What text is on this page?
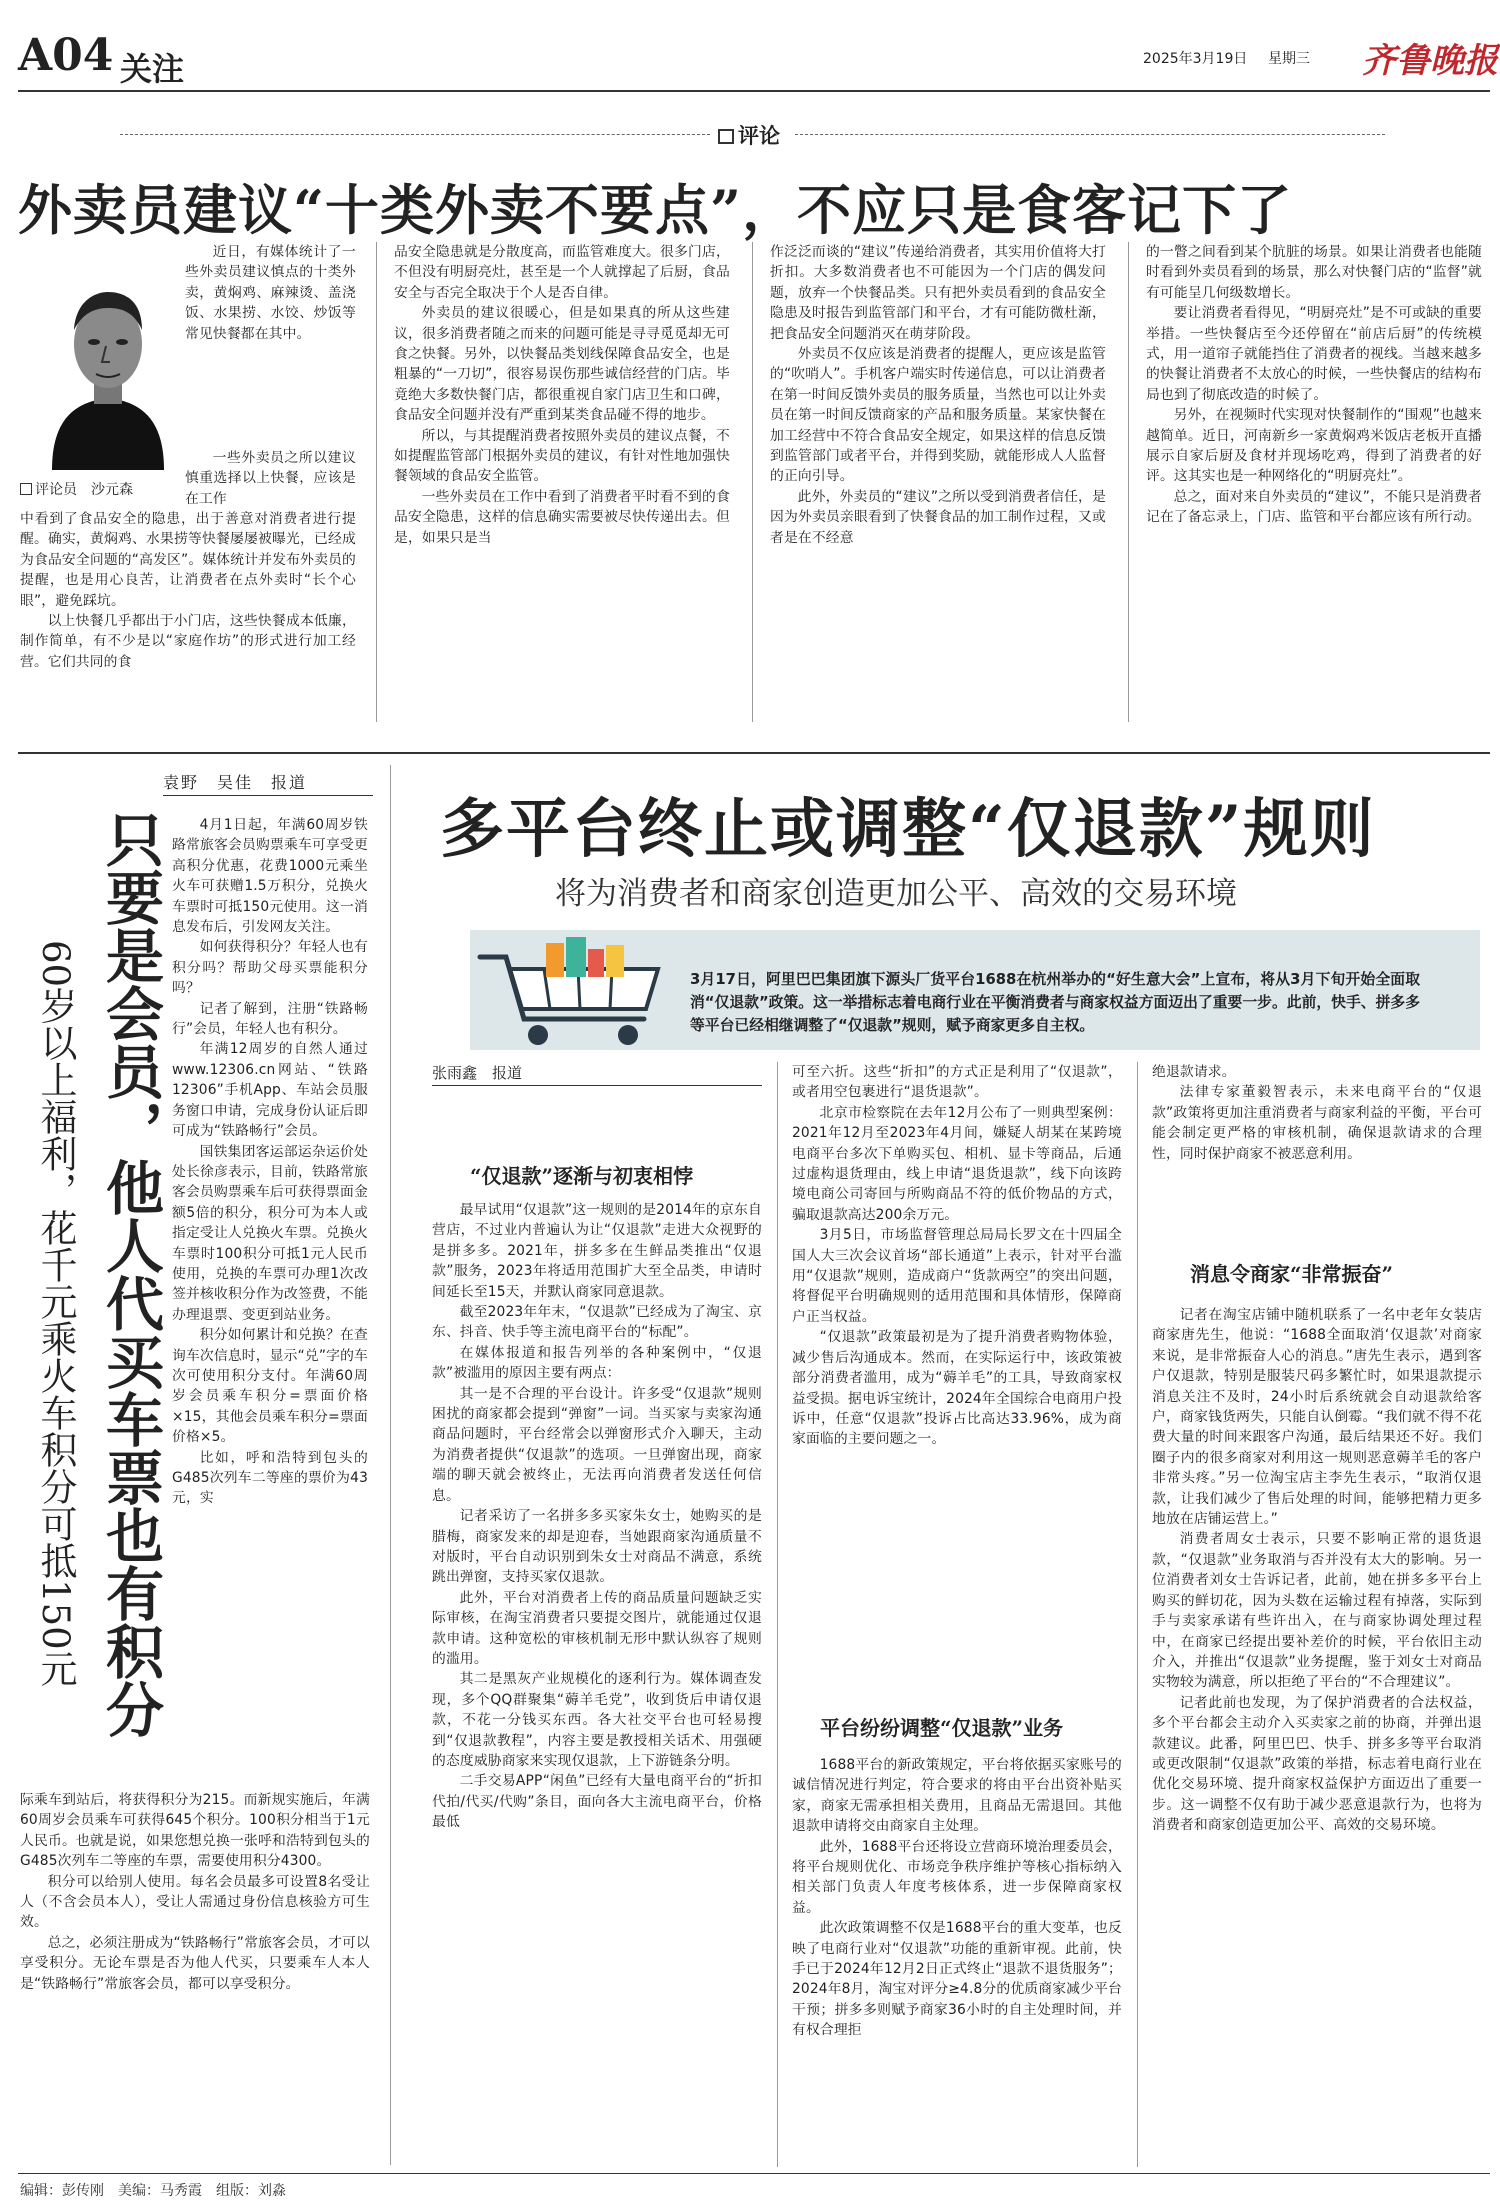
A04 关注	2025年3月19日 星期三 齐鲁晚报
评论
外卖员建议“十类外卖不要点”，不应只是食客记下了
评论员　沙元森

近日，有媒体统计了一些外卖员建议慎点的十类外卖，黄焖鸡、麻辣烫、盖浇饭、水果捞、水饺、炒饭等常见快餐都在其中。

一些外卖员之所以建议慎重选择以上快餐，应该是在工作

中看到了食品安全的隐患，出于善意对消费者进行提醒。确实，黄焖鸡、水果捞等快餐屡屡被曝光，已经成为食品安全问题的“高发区”。媒体统计并发布外卖员的提醒，也是用心良苦，让消费者在点外卖时“长个心眼”，避免踩坑。

以上快餐几乎都出于小门店，这些快餐成本低廉，制作简单，有不少是以“家庭作坊”的形式进行加工经营。它们共同的食

品安全隐患就是分散度高，而监管难度大。很多门店，不但没有明厨亮灶，甚至是一个人就撑起了后厨，食品安全与否完全取决于个人是否自律。

外卖员的建议很暖心，但是如果真的所从这些建议，很多消费者随之而来的问题可能是寻寻觅觅却无可食之快餐。另外，以快餐品类划线保障食品安全，也是粗暴的“一刀切”，很容易误伤那些诚信经营的门店。毕竟绝大多数快餐门店，都很重视自家门店卫生和口碑，食品安全问题并没有严重到某类食品碰不得的地步。

所以，与其提醒消费者按照外卖员的建议点餐，不如提醒监管部门根据外卖员的建议，有针对性地加强快餐领域的食品安全监管。

一些外卖员在工作中看到了消费者平时看不到的食品安全隐患，这样的信息确实需要被尽快传递出去。但是，如果只是当

作泛泛而谈的“建议”传递给消费者，其实用价值将大打折扣。大多数消费者也不可能因为一个门店的偶发问题，放弃一个快餐品类。只有把外卖员看到的食品安全隐患及时报告到监管部门和平台，才有可能防微杜渐，把食品安全问题消灭在萌芽阶段。

外卖员不仅应该是消费者的提醒人，更应该是监管的“吹哨人”。手机客户端实时传递信息，可以让消费者在第一时间反馈外卖员的服务质量，当然也可以让外卖员在第一时间反馈商家的产品和服务质量。某家快餐在加工经营中不符合食品安全规定，如果这样的信息反馈到监管部门或者平台，并得到奖励，就能形成人人监督的正向引导。

此外，外卖员的“建议”之所以受到消费者信任，是因为外卖员亲眼看到了快餐食品的加工制作过程，又或者是在不经意

的一瞥之间看到某个肮脏的场景。如果让消费者也能随时看到外卖员看到的场景，那么对快餐门店的“监督”就有可能呈几何级数增长。

要让消费者看得见，“明厨亮灶”是不可或缺的重要举措。一些快餐店至今还停留在“前店后厨”的传统模式，用一道帘子就能挡住了消费者的视线。当越来越多的快餐让消费者不太放心的时候，一些快餐店的结构布局也到了彻底改造的时候了。

另外，在视频时代实现对快餐制作的“围观”也越来越简单。近日，河南新乡一家黄焖鸡米饭店老板开直播展示自家后厨及食材并现场吃鸡，得到了消费者的好评。这其实也是一种网络化的“明厨亮灶”。

总之，面对来自外卖员的“建议”，不能只是消费者记在了备忘录上，门店、监管和平台都应该有所行动。

袁野　吴佳　报道
只要是会员，他人代买车票也有积分
60岁以上福利，花千元乘火车积分可抵150元

4月1日起，年满60周岁铁路常旅客会员购票乘车可享受更高积分优惠，花费1000元乘坐火车可获赠1.5万积分，兑换火车票时可抵150元使用。这一消息发布后，引发网友关注。

如何获得积分？年轻人也有积分吗？帮助父母买票能积分吗？

记者了解到，注册“铁路畅行”会员，年轻人也有积分。

年满12周岁的自然人通过www.12306.cn网站、“铁路12306”手机App、车站会员服务窗口申请，完成身份认证后即可成为“铁路畅行”会员。

国铁集团客运部运杂运价处处长徐彦表示，目前，铁路常旅客会员购票乘车后可获得票面金额5倍的积分，积分可为本人或指定受让人兑换火车票。兑换火车票时100积分可抵1元人民币使用，兑换的车票可办理1次改签并核收积分作为改签费，不能办理退票、变更到站业务。

积分如何累计和兑换？在查询车次信息时，显示“兑”字的车次可使用积分支付。年满60周岁会员乘车积分=票面价格×15，其他会员乘车积分=票面价格×5。

比如，呼和浩特到包头的G485次列车二等座的票价为43元，实

际乘车到站后，将获得积分为215。而新规实施后，年满60周岁会员乘车可获得645个积分。100积分相当于1元人民币。也就是说，如果您想兑换一张呼和浩特到包头的G485次列车二等座的车票，需要使用积分4300。

积分可以给别人使用。每名会员最多可设置8名受让人（不含会员本人），受让人需通过身份信息核验方可生效。

总之，必须注册成为“铁路畅行”常旅客会员，才可以享受积分。无论车票是否为他人代买，只要乘车人本人是“铁路畅行”常旅客会员，都可以享受积分。

多平台终止或调整“仅退款”规则
将为消费者和商家创造更加公平、高效的交易环境
3月17日，阿里巴巴集团旗下源头厂货平台1688在杭州举办的“好生意大会”上宣布，将从3月下旬开始全面取消“仅退款”政策。这一举措标志着电商行业在平衡消费者与商家权益方面迈出了重要一步。此前，快手、拼多多等平台已经相继调整了“仅退款”规则，赋予商家更多自主权。
张雨鑫　报道
“仅退款”逐渐与初衷相悖

最早试用“仅退款”这一规则的是2014年的京东自营店，不过业内普遍认为让“仅退款”走进大众视野的是拼多多。2021年，拼多多在生鲜品类推出“仅退款”服务，2023年将适用范围扩大至全品类，申请时间延长至15天，并默认商家同意退款。

截至2023年年末，“仅退款”已经成为了淘宝、京东、抖音、快手等主流电商平台的“标配”。

在媒体报道和报告列举的各种案例中，“仅退款”被滥用的原因主要有两点：

其一是不合理的平台设计。许多受“仅退款”规则困扰的商家都会提到“弹窗”一词。当买家与卖家沟通商品问题时，平台经常会以弹窗形式介入聊天，主动为消费者提供“仅退款”的选项。一旦弹窗出现，商家端的聊天就会被终止，无法再向消费者发送任何信息。

记者采访了一名拼多多买家朱女士，她购买的是腊梅，商家发来的却是迎春，当她跟商家沟通质量不对版时，平台自动识别到朱女士对商品不满意，系统跳出弹窗，支持买家仅退款。

此外，平台对消费者上传的商品质量问题缺乏实际审核，在淘宝消费者只要提交图片，就能通过仅退款申请。这种宽松的审核机制无形中默认纵容了规则的滥用。

其二是黑灰产业规模化的逐利行为。媒体调查发现，多个QQ群聚集“薅羊毛党”，收到货后申请仅退款，不花一分钱买东西。各大社交平台也可轻易搜到“仅退款教程”，内容主要是教授相关话术、用强硬的态度威胁商家来实现仅退款，上下游链条分明。

二手交易APP“闲鱼”已经有大量电商平台的“折扣代拍/代买/代购”条目，面向各大主流电商平台，价格最低

可至六折。这些“折扣”的方式正是利用了“仅退款”，或者用空包裹进行“退货退款”。

北京市检察院在去年12月公布了一则典型案例：2021年12月至2023年4月间，嫌疑人胡某在某跨境电商平台多次下单购买包、相机、显卡等商品，后通过虚构退货理由，线上申请“退货退款”，线下向该跨境电商公司寄回与所购商品不符的低价物品的方式，骗取退款高达200余万元。

3月5日，市场监督管理总局局长罗文在十四届全国人大三次会议首场“部长通道”上表示，针对平台滥用“仅退款”规则，造成商户“货款两空”的突出问题，将督促平台明确规则的适用范围和具体情形，保障商户正当权益。

“仅退款”政策最初是为了提升消费者购物体验，减少售后沟通成本。然而，在实际运行中，该政策被部分消费者滥用，成为“薅羊毛”的工具，导致商家权益受损。据电诉宝统计，2024年全国综合电商用户投诉中，任意“仅退款”投诉占比高达33.96%，成为商家面临的主要问题之一。

平台纷纷调整“仅退款”业务

1688平台的新政策规定，平台将依据买家账号的诚信情况进行判定，符合要求的将由平台出资补贴买家，商家无需承担相关费用，且商品无需退回。其他退款申请将交由商家自主处理。

此外，1688平台还将设立营商环境治理委员会，将平台规则优化、市场竞争秩序维护等核心指标纳入相关部门负责人年度考核体系，进一步保障商家权益。

此次政策调整不仅是1688平台的重大变革，也反映了电商行业对“仅退款”功能的重新审视。此前，快手已于2024年12月2日正式终止“退款不退货服务”；2024年8月，淘宝对评分≥4.8分的优质商家减少平台干预；拼多多则赋予商家36小时的自主处理时间，并有权合理拒

绝退款请求。

法律专家董毅智表示，未来电商平台的“仅退款”政策将更加注重消费者与商家利益的平衡，平台可能会制定更严格的审核机制，确保退款请求的合理性，同时保护商家不被恶意利用。

消息令商家“非常振奋”

记者在淘宝店铺中随机联系了一名中老年女装店商家唐先生，他说：“1688全面取消‘仅退款’对商家来说，是非常振奋人心的消息。”唐先生表示，遇到客户仅退款，特别是服装尺码多繁忙时，如果退款提示消息关注不及时，24小时后系统就会自动退款给客户，商家钱货两失，只能自认倒霉。“我们就不得不花费大量的时间来跟客户沟通，最后结果还不好。我们圈子内的很多商家对利用这一规则恶意薅羊毛的客户非常头疼。”另一位淘宝店主李先生表示，“取消仅退款，让我们减少了售后处理的时间，能够把精力更多地放在店铺运营上。”

消费者周女士表示，只要不影响正常的退货退款，“仅退款”业务取消与否并没有太大的影响。另一位消费者刘女士告诉记者，此前，她在拼多多平台上购买的鲜切花，因为头数在运输过程有掉落，实际到手与卖家承诺有些许出入，在与商家协调处理过程中，在商家已经提出要补差价的时候，平台依旧主动介入，并推出“仅退款”业务提醒，鉴于刘女士对商品实物较为满意，所以拒绝了平台的“不合理建议”。

记者此前也发现，为了保护消费者的合法权益，多个平台都会主动介入买卖家之前的协商，并弹出退款建议。此番，阿里巴巴、快手、拼多多等平台取消或更改限制“仅退款”政策的举措，标志着电商行业在优化交易环境、提升商家权益保护方面迈出了重要一步。这一调整不仅有助于减少恶意退款行为，也将为消费者和商家创造更加公平、高效的交易环境。

编辑：彭传刚　美编：马秀霞　组版：刘淼
